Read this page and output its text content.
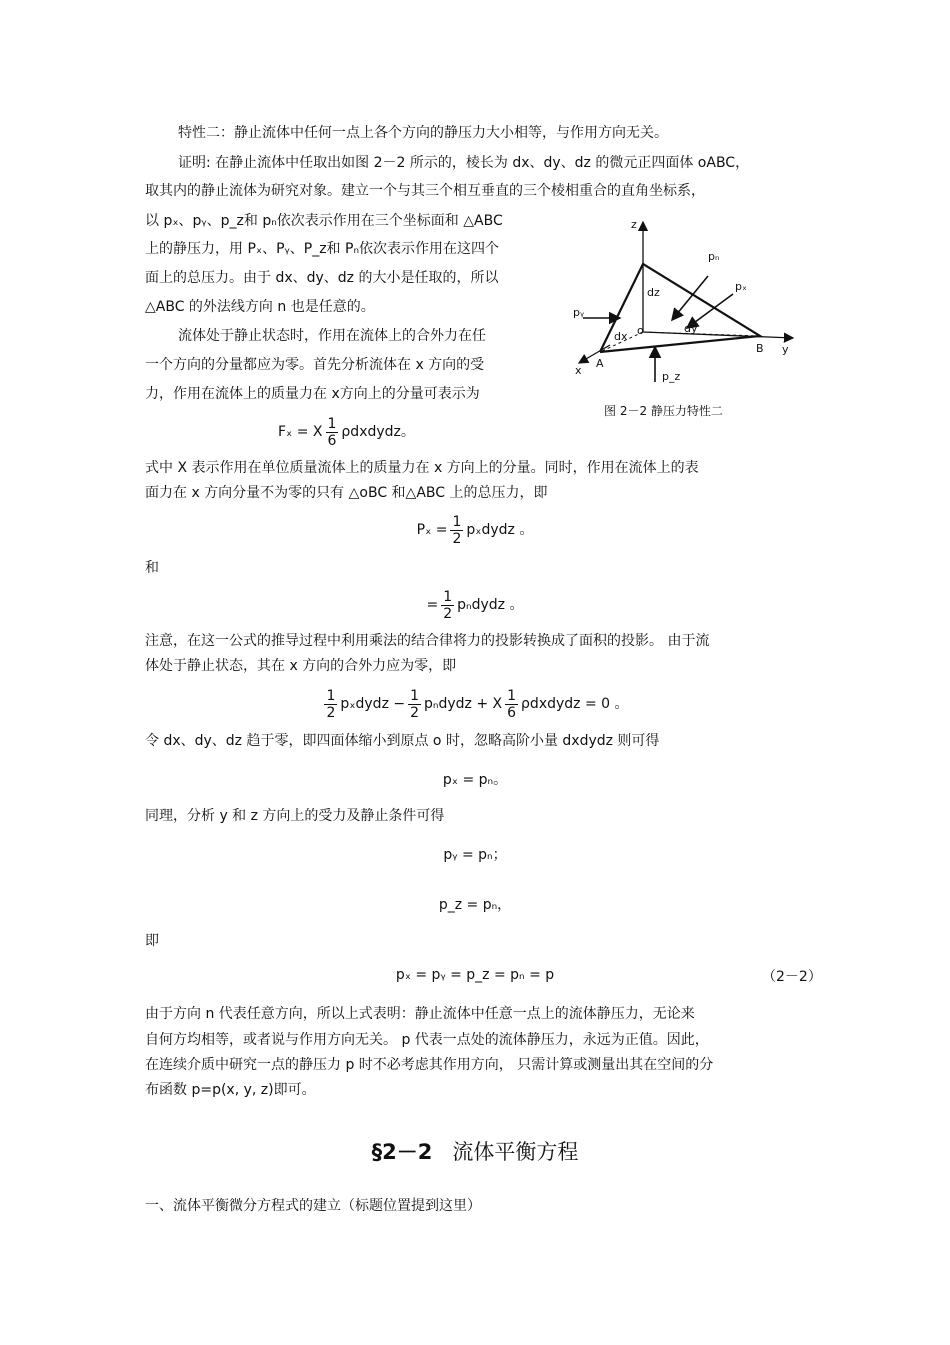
特性二：静止流体中任何一点上各个方向的静压力大小相等，与作用方向无关。
证明: 在静止流体中任取出如图 2－2 所示的，棱长为 dx、dy、dz 的微元正四面体 oABC，
取其内的静止流体为研究对象。建立一个与其三个相互垂直的三个棱相重合的直角坐标系，
以 pₓ、pᵧ、p_z和 pₙ依次表示作用在三个坐标面和 △ABC
上的静压力，用 Pₓ、Pᵧ、P_z和 Pₙ依次表示作用在这四个
面上的总压力。由于 dx、dy、dz 的大小是任取的，所以
△ABC 的外法线方向 n 也是任意的。
流体处于静止状态时，作用在流体上的合外力在任
一个方向的分量都应为零。首先分析流体在 x 方向的受
力，作用在流体上的质量力在 x方向上的分量可表示为
z
y
x
pₙ
pₓ
pᵧ
p_z
dz
dx
dy
o
A
B
图 2－2 静压力特性二
Fₓ = X $\frac{1}{6}$ ρdxdydz。
式中 X 表示作用在单位质量流体上的质量力在 x 方向上的分量。同时，作用在流体上的表
面力在 x 方向分量不为零的只有 △oBC 和△ABC 上的总压力，即
$P_x = \frac{1}{2}$ pₓdydz 。
和
= $\frac{1}{2}$ pₙdydz 。
注意，在这一公式的推导过程中利用乘法的结合律将力的投影转换成了面积的投影。 由于流
体处于静止状态，其在 x 方向的合外力应为零，即
$\frac{1}{2}$ pₓdydz − $\frac{1}{2}$ pₙdydz + X $\frac{1}{6}$ ρdxdydz = 0 。
令 dx、dy、dz 趋于零，即四面体缩小到原点 o 时，忽略高阶小量 dxdydz 则可得
pₓ = pₙ。
同理，分析 y 和 z 方向上的受力及静止条件可得
pᵧ = pₙ；
p_z = pₙ，
即
pₓ = pᵧ = p_z = pₙ = p	（2－2）
由于方向 n 代表任意方向，所以上式表明：静止流体中任意一点上的流体静压力，无论来
自何方均相等，或者说与作用方向无关。 p 代表一点处的流体静压力，永远为正值。因此，
在连续介质中研究一点的静压力 p 时不必考虑其作用方向， 只需计算或测量出其在空间的分
布函数 p=p(x, y, z)即可。
§2－2 流体平衡方程
一、流体平衡微分方程式的建立（标题位置提到这里）
